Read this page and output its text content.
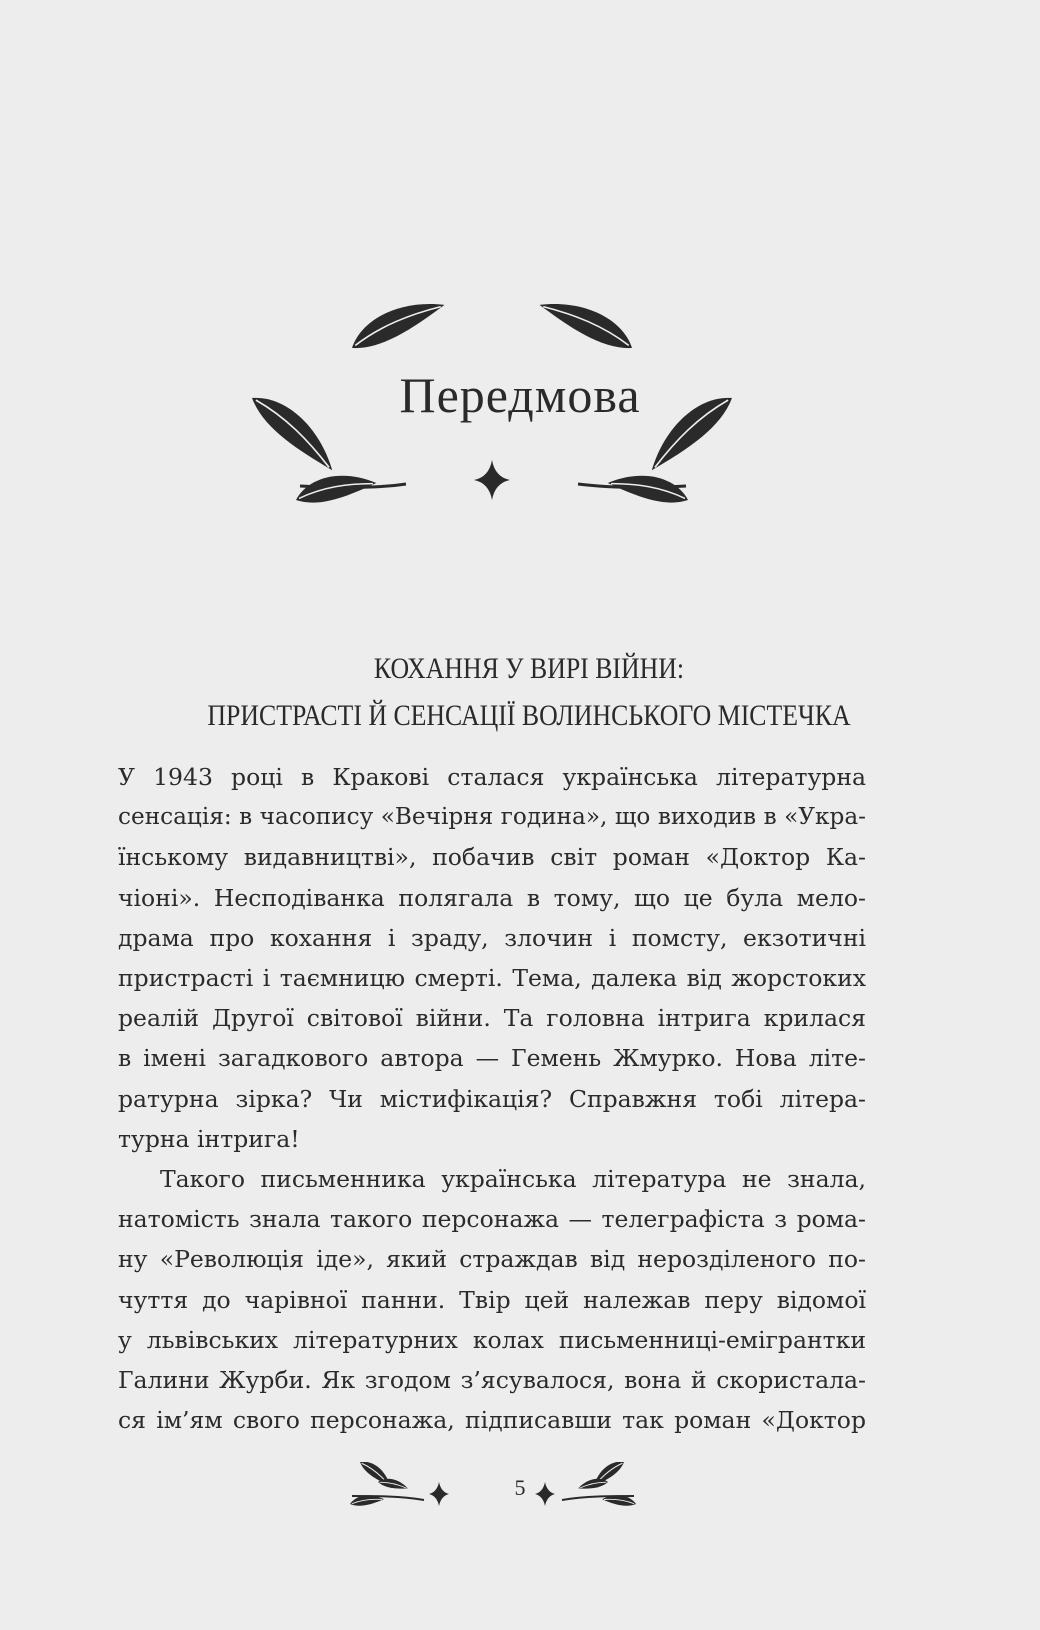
Передмова
КОХАННЯ У ВИРІ ВІЙНИ:
ПРИСТРАСТІ Й СЕНСАЦІЇ ВОЛИНСЬКОГО МІСТЕЧКА
У 1943 році в Кракові сталася українська літературна
сенсація: в часопису «Вечірня година», що виходив в «Укра-
їнському видавництві», побачив світ роман «Доктор Ка-
чіоні». Несподіванка полягала в тому, що це була мело-
драма про кохання і зраду, злочин і помсту, екзотичні
пристрасті і таємницю смерті. Тема, далека від жорстоких
реалій Другої світової війни. Та головна інтрига крилася
в імені загадкового автора — Гемень Жмурко. Нова літе-
ратурна зірка? Чи містифікація? Справжня тобі літера-
турна інтрига!
Такого письменника українська література не знала,
натомість знала такого персонажа — телеграфіста з рома-
ну «Революція іде», який страждав від нерозділеного по-
чуття до чарівної панни. Твір цей належав перу відомої
у львівських літературних колах письменниці-емігрантки
Галини Журби. Як згодом з’ясувалося, вона й скористала-
ся ім’ям свого персонажа, підписавши так роман «Доктор
5
